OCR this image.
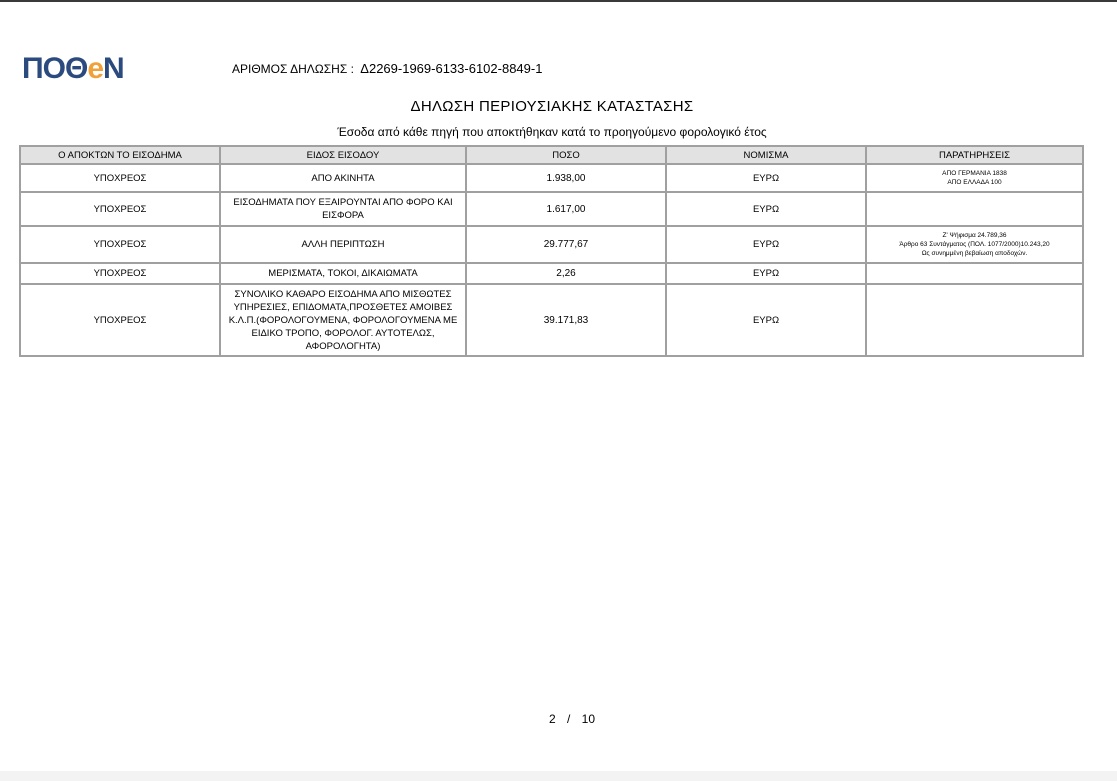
ΠΟΘeΝ	ΑΡΙΘΜΟΣ ΔΗΛΩΣΗΣ : Δ2269-1969-6133-6102-8849-1
ΔΗΛΩΣΗ ΠΕΡΙΟΥΣΙΑΚΗΣ ΚΑΤΑΣΤΑΣΗΣ
Έσοδα από κάθε πηγή που αποκτήθηκαν κατά το προηγούμενο φορολογικό έτος
Ο ΑΠΟΚΤΩΝ ΤΟ ΕΙΣΟΔΗΜΑ	ΕΙΔΟΣ ΕΙΣΟΔΟΥ	ΠΟΣΟ	ΝΟΜΙΣΜΑ	ΠΑΡΑΤΗΡΗΣΕΙΣ
ΥΠΟΧΡΕΟΣ	ΑΠΟ ΑΚΙΝΗΤΑ	1.938,00	ΕΥΡΩ	ΑΠΟ ΓΕΡΜΑΝΙΑ 1838
ΑΠΟ ΕΛΛΑΔΑ 100

ΥΠΟΧΡΕΟΣ	ΕΙΣΟΔΗΜΑΤΑ ΠΟΥ ΕΞΑΙΡΟΥΝΤΑΙ ΑΠΟ ΦΟΡΟ ΚΑΙ ΕΙΣΦΟΡΑ	1.617,00	ΕΥΡΩ	
ΥΠΟΧΡΕΟΣ	ΑΛΛΗ ΠΕΡΙΠΤΩΣΗ	29.777,67	ΕΥΡΩ	Ζ' Ψήφισμα 24.789,36
Άρθρο 63 Συντάγματος (ΠΟΛ. 1077/2000)10.243,20
Ως συνημμένη βεβαίωση αποδοχών.

ΥΠΟΧΡΕΟΣ	ΜΕΡΙΣΜΑΤΑ, ΤΟΚΟΙ, ΔΙΚΑΙΩΜΑΤΑ	2,26	ΕΥΡΩ	
ΥΠΟΧΡΕΟΣ	ΣΥΝΟΛΙΚΟ ΚΑΘΑΡΟ ΕΙΣΟΔΗΜΑ ΑΠΟ ΜΙΣΘΩΤΕΣ ΥΠΗΡΕΣΙΕΣ, ΕΠΙΔΟΜΑΤΑ,ΠΡΟΣΘΕΤΕΣ ΑΜΟΙΒΕΣ Κ.Λ.Π.(ΦΟΡΟΛΟΓΟΥΜΕΝΑ, ΦΟΡΟΛΟΓΟΥΜΕΝΑ ΜΕ ΕΙΔΙΚΟ ΤΡΟΠΟ, ΦΟΡΟΛΟΓ. ΑΥΤΟΤΕΛΩΣ, ΑΦΟΡΟΛΟΓΗΤΑ)	39.171,83	ΕΥΡΩ	
2 / 10
